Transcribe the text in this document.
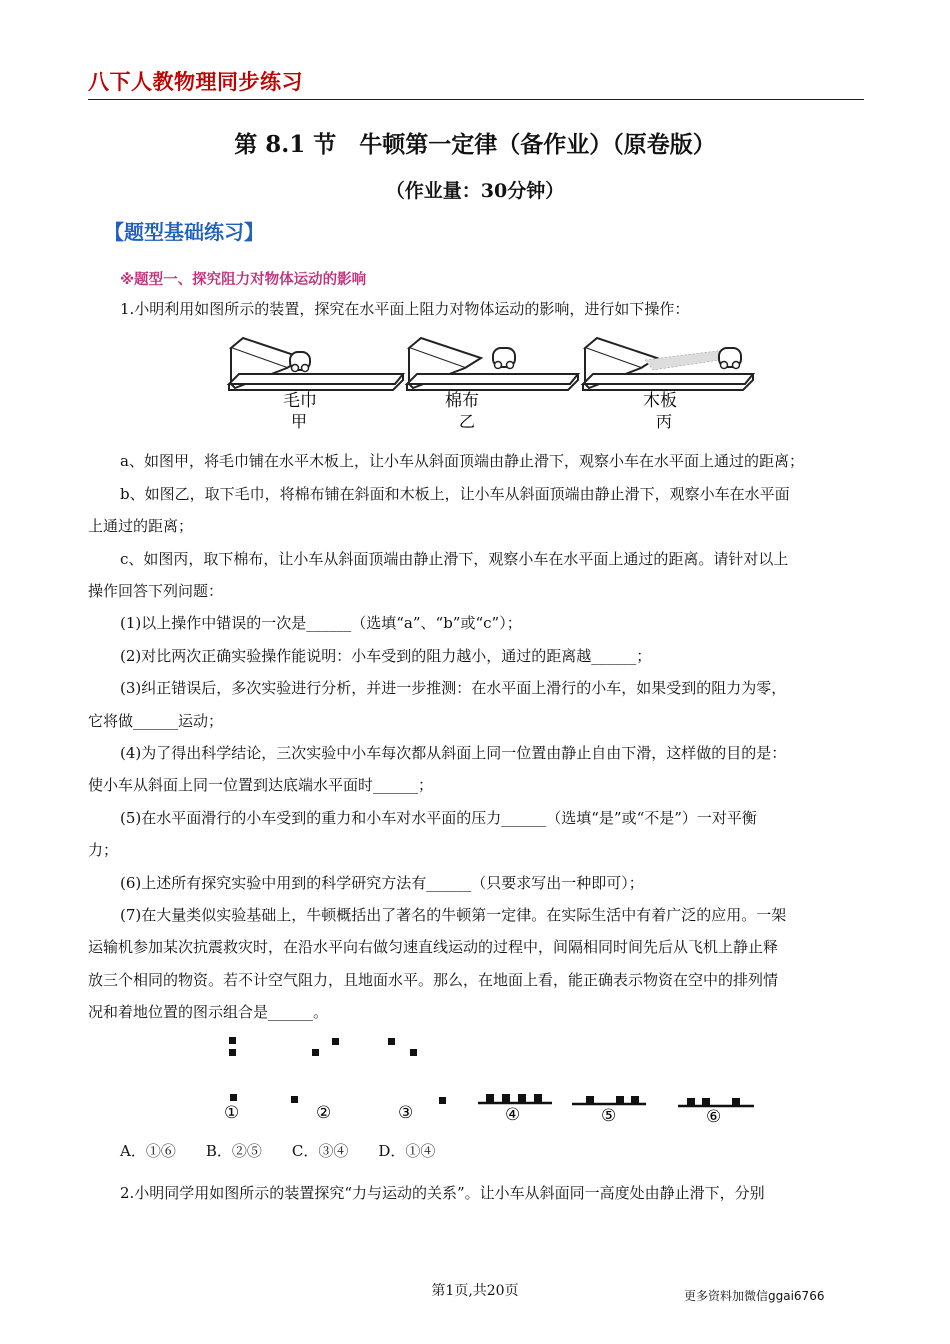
八下人教物理同步练习
第 8.1 节　牛顿第一定律（备作业）（原卷版）
（作业量：30分钟）
【题型基础练习】
※题型一、探究阻力对物体运动的影响
1.小明利用如图所示的装置，探究在水平面上阻力对物体运动的影响，进行如下操作：
毛巾
甲
棉布
乙
木板
丙
a、如图甲，将毛巾铺在水平木板上，让小车从斜面顶端由静止滑下，观察小车在水平面上通过的距离；
b、如图乙，取下毛巾，将棉布铺在斜面和木板上，让小车从斜面顶端由静止滑下，观察小车在水平面
上通过的距离；
c、如图丙，取下棉布，让小车从斜面顶端由静止滑下，观察小车在水平面上通过的距离。请针对以上
操作回答下列问题：
(1)以上操作中错误的一次是______（选填“a”、“b”或“c”）；
(2)对比两次正确实验操作能说明：小车受到的阻力越小，通过的距离越______；
(3)纠正错误后，多次实验进行分析，并进一步推测：在水平面上滑行的小车，如果受到的阻力为零，
它将做______运动；
(4)为了得出科学结论，三次实验中小车每次都从斜面上同一位置由静止自由下滑，这样做的目的是：
使小车从斜面上同一位置到达底端水平面时______；
(5)在水平面滑行的小车受到的重力和小车对水平面的压力______（选填“是”或“不是”）一对平衡
力；
(6)上述所有探究实验中用到的科学研究方法有______（只要求写出一种即可）；
(7)在大量类似实验基础上，牛顿概括出了著名的牛顿第一定律。在实际生活中有着广泛的应用。一架
运输机参加某次抗震救灾时，在沿水平向右做匀速直线运动的过程中，间隔相同时间先后从飞机上静止释
放三个相同的物资。若不计空气阻力，且地面水平。那么，在地面上看，能正确表示物资在空中的排列情
况和着地位置的图示组合是______。
①	②	③	④	⑤	⑥
A．①⑥　　B．②⑤　　C．③④　　D．①④
2.小明同学用如图所示的装置探究“力与运动的关系”。让小车从斜面同一高度处由静止滑下，分别
第1页,共20页	更多资料加微信ggai6766
